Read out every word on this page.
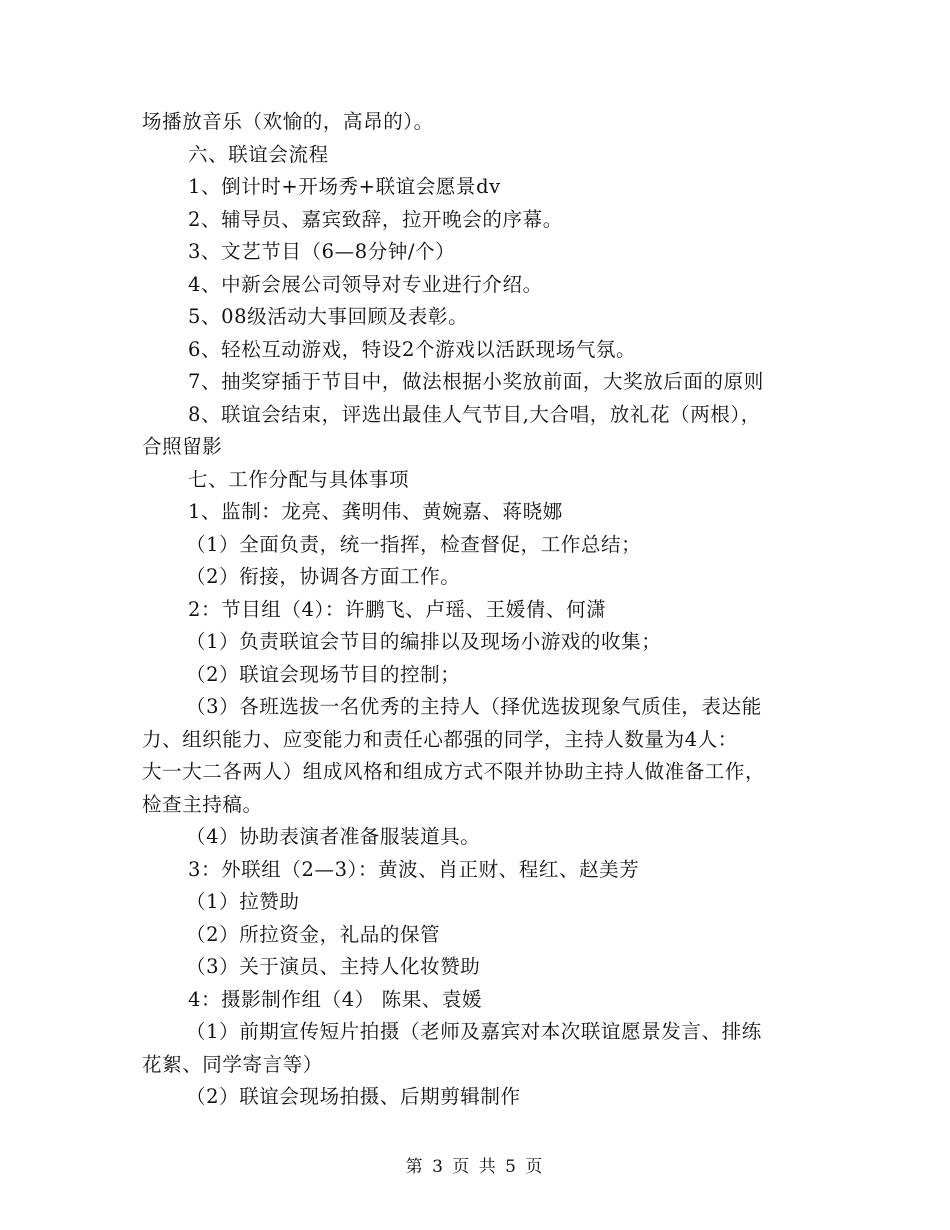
场播放音乐（欢愉的，高昂的）。
六、联谊会流程
1、倒计时+开场秀+联谊会愿景dv
2、辅导员、嘉宾致辞，拉开晚会的序幕。
3、文艺节目（6—8分钟/个）
4、中新会展公司领导对专业进行介绍。
5、08级活动大事回顾及表彰。
6、轻松互动游戏，特设2个游戏以活跃现场气氛。
7、抽奖穿插于节目中，做法根据小奖放前面，大奖放后面的原则
8、联谊会结束，评选出最佳人气节目,大合唱，放礼花（两根），
合照留影
七、工作分配与具体事项
1、监制：龙亮、龚明伟、黄婉嘉、蒋晓娜
（1）全面负责，统一指挥，检查督促，工作总结；
（2）衔接，协调各方面工作。
2：节目组（4）：许鹏飞、卢瑶、王媛倩、何潇
（1）负责联谊会节目的编排以及现场小游戏的收集；
（2）联谊会现场节目的控制；
（3）各班选拔一名优秀的主持人（择优选拔现象气质佳，表达能
力、组织能力、应变能力和责任心都强的同学，主持人数量为4人：
大一大二各两人）组成风格和组成方式不限并协助主持人做准备工作，
检查主持稿。
（4）协助表演者准备服装道具。
3：外联组（2—3）：黄波、肖正财、程红、赵美芳
（1）拉赞助
（2）所拉资金，礼品的保管
（3）关于演员、主持人化妆赞助
4：摄影制作组（4） 陈果、袁媛
（1）前期宣传短片拍摄（老师及嘉宾对本次联谊愿景发言、排练
花絮、同学寄言等）
（2）联谊会现场拍摄、后期剪辑制作
第 3 页 共 5 页
